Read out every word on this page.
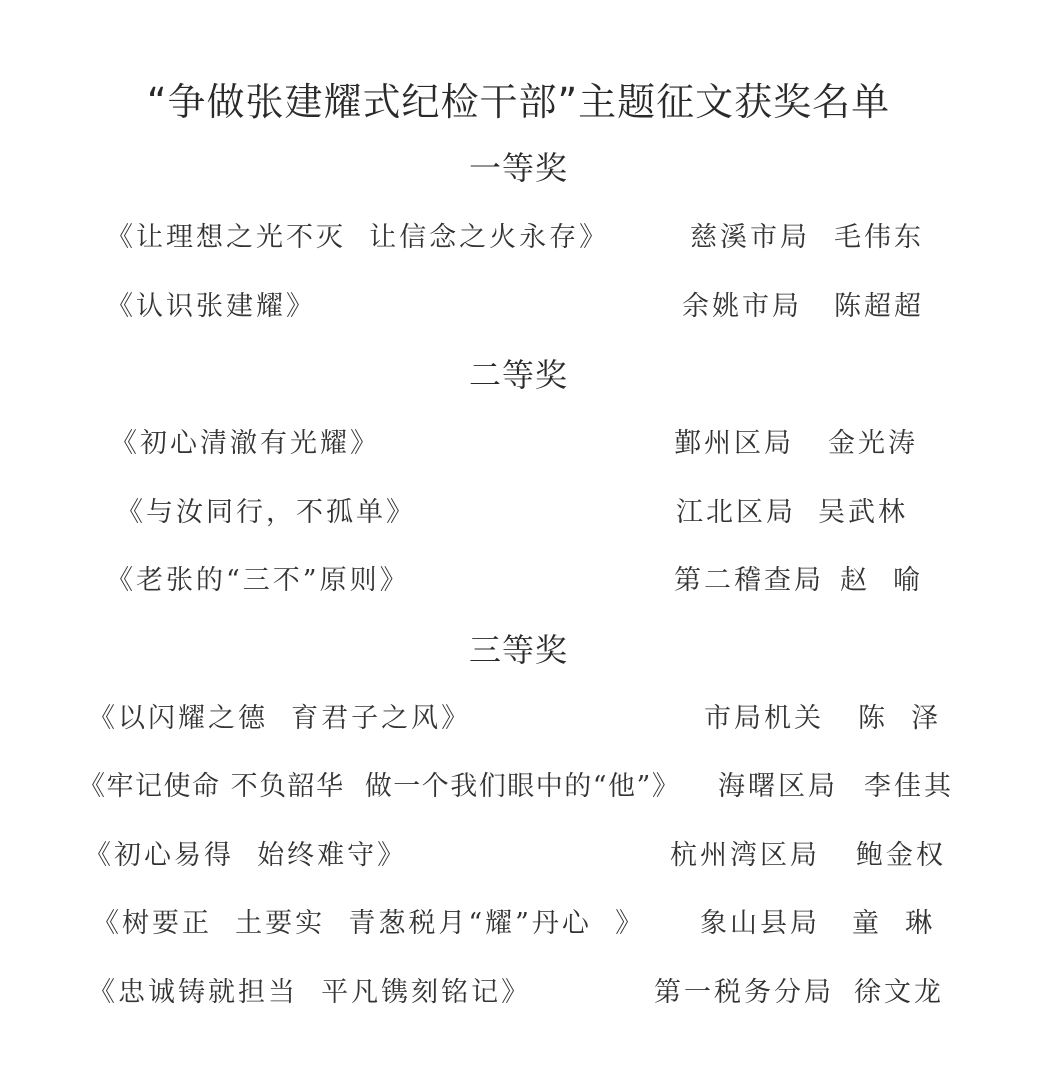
“争做张建耀式纪检干部”主题征文获奖名单
一等奖
《让理想之光不灭  让信念之火永存》	慈溪市局 毛伟东
《认识张建耀》	余姚市局 陈超超
二等奖
《初心清澈有光耀》	鄞州区局 金光涛
《与汝同行，不孤单》	江北区局 吴武林
《老张的“三不”原则》	第二稽查局 赵  喻
三等奖
《以闪耀之德  育君子之风》	市局机关 陈  泽
《牢记使命 不负韶华  做一个我们眼中的“他”》 海曙区局 李佳其
《初心易得  始终难守》	杭州湾区局 鲍金权
《树要正  土要实  青葱税月“耀”丹心  》 象山县局 童  琳
《忠诚铸就担当  平凡镌刻铭记》	第一税务分局 徐文龙
